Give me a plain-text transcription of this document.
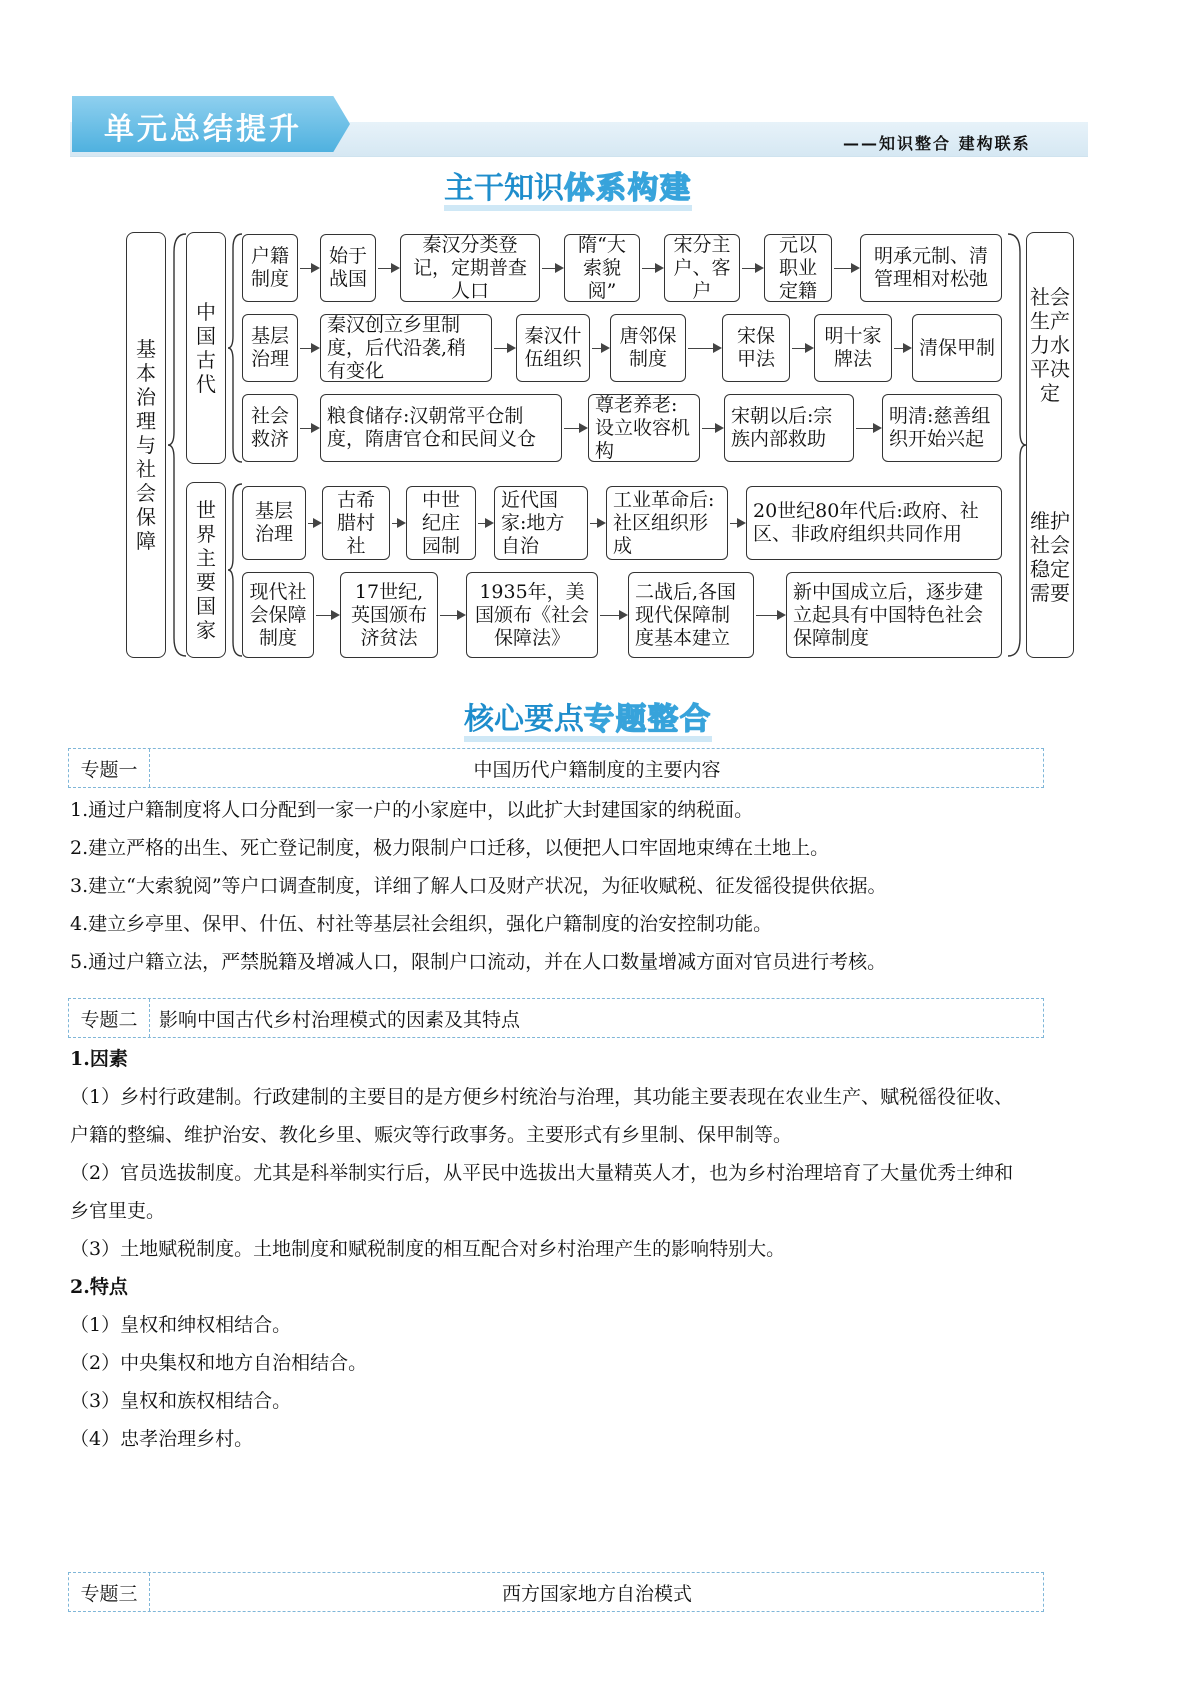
单元总结提升	——知识整合 建构联系
主干知识体系构建
基本治理与社会保障
中国古代
世界主要国家
户籍制度
始于战国
秦汉分类登记，定期普查人口
隋“大索貌阅”
宋分主户、客户
元以职业定籍
明承元制、清管理相对松弛
基层治理
秦汉创立乡里制度，后代沿袭,稍有变化
秦汉什伍组织
唐邻保制度
宋保甲法
明十家牌法
清保甲制
社会救济
粮食储存:汉朝常平仓制度，隋唐官仓和民间义仓
尊老养老:设立收容机构
宋朝以后:宗族内部救助
明清:慈善组织开始兴起
基层治理
古希腊村社
中世纪庄园制
近代国家:地方自治
工业革命后:社区组织形成
20世纪80年代后:政府、社区、非政府组织共同作用
现代社会保障制度
17世纪,英国颁布济贫法
1935年，美国颁布《社会保障法》
二战后,各国现代保障制度基本建立
新中国成立后，逐步建立起具有中国特色社会保障制度
社会生产力水平决定
维护社会稳定需要
核心要点专题整合
专题一	中国历代户籍制度的主要内容
1.通过户籍制度将人口分配到一家一户的小家庭中，以此扩大封建国家的纳税面。
2.建立严格的出生、死亡登记制度，极力限制户口迁移，以便把人口牢固地束缚在土地上。
3.建立“大索貌阅”等户口调查制度，详细了解人口及财产状况，为征收赋税、征发徭役提供依据。
4.建立乡亭里、保甲、什伍、村社等基层社会组织，强化户籍制度的治安控制功能。
5.通过户籍立法，严禁脱籍及增减人口，限制户口流动，并在人口数量增减方面对官员进行考核。
专题二	影响中国古代乡村治理模式的因素及其特点
1.因素
（1）乡村行政建制。行政建制的主要目的是方便乡村统治与治理，其功能主要表现在农业生产、赋税徭役征收、
户籍的整编、维护治安、教化乡里、赈灾等行政事务。主要形式有乡里制、保甲制等。
（2）官员选拔制度。尤其是科举制实行后，从平民中选拔出大量精英人才，也为乡村治理培育了大量优秀士绅和
乡官里吏。
（3）土地赋税制度。土地制度和赋税制度的相互配合对乡村治理产生的影响特别大。
2.特点
（1）皇权和绅权相结合。
（2）中央集权和地方自治相结合。
（3）皇权和族权相结合。
（4）忠孝治理乡村。
专题三	西方国家地方自治模式
